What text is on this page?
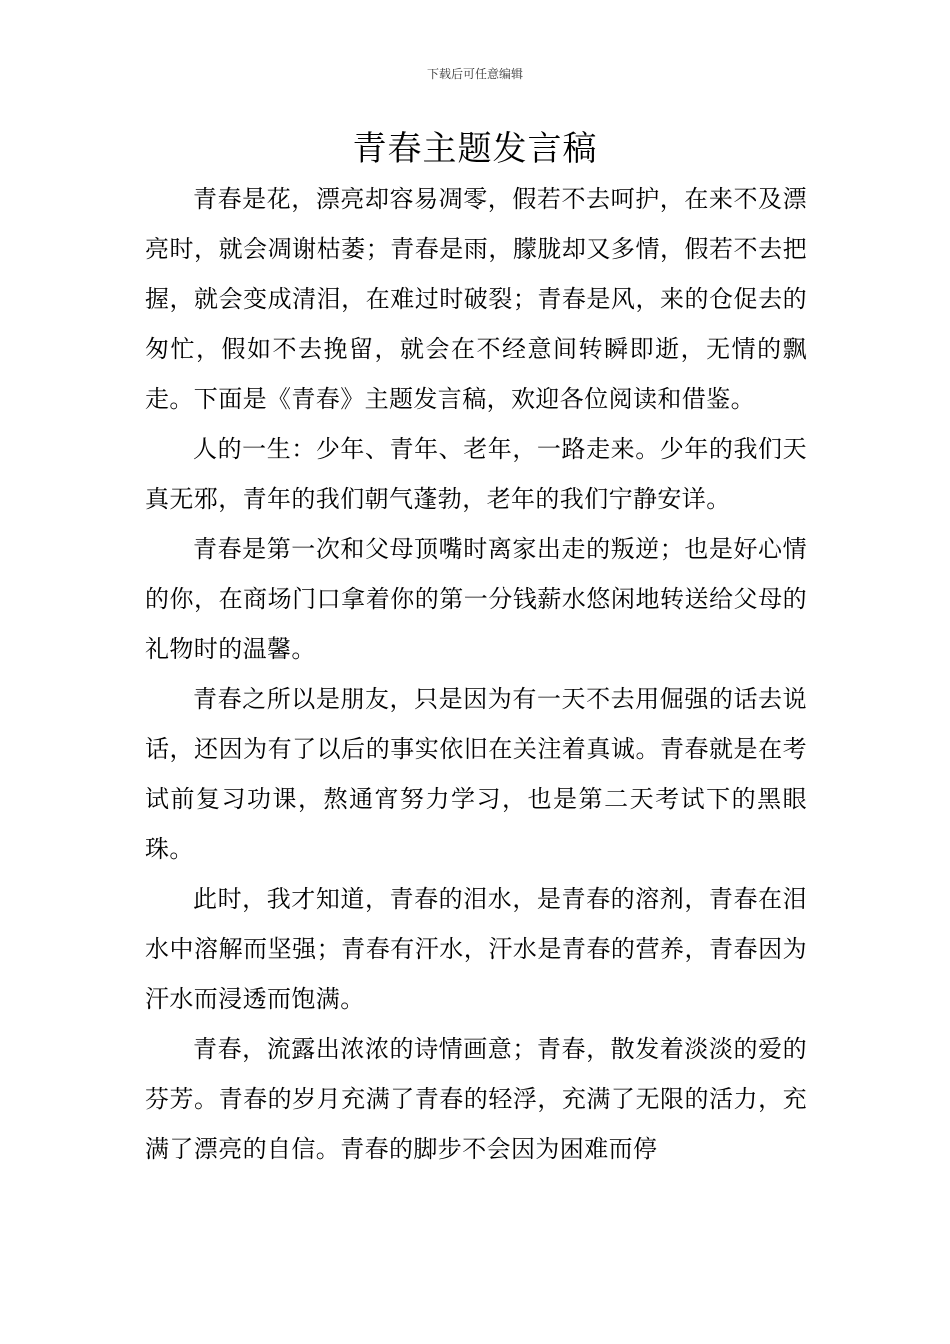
下载后可任意编辑
青春主题发言稿

青春是花，漂亮却容易凋零，假若不去呵护，在来不及漂亮时，就会凋谢枯萎；青春是雨，朦胧却又多情，假若不去把握，就会变成清泪，在难过时破裂；青春是风，来的仓促去的匆忙，假如不去挽留，就会在不经意间转瞬即逝，无情的飘走。下面是《青春》主题发言稿，欢迎各位阅读和借鉴。

人的一生：少年、青年、老年，一路走来。少年的我们天真无邪，青年的我们朝气蓬勃，老年的我们宁静安详。

青春是第一次和父母顶嘴时离家出走的叛逆；也是好心情的你，在商场门口拿着你的第一分钱薪水悠闲地转送给父母的礼物时的温馨。

青春之所以是朋友，只是因为有一天不去用倔强的话去说话，还因为有了以后的事实依旧在关注着真诚。青春就是在考试前复习功课，熬通宵努力学习，也是第二天考试下的黑眼珠。

此时，我才知道，青春的泪水，是青春的溶剂，青春在泪水中溶解而坚强；青春有汗水，汗水是青春的营养，青春因为汗水而浸透而饱满。

青春，流露出浓浓的诗情画意；青春，散发着淡淡的爱的芬芳。青春的岁月充满了青春的轻浮，充满了无限的活力，充满了漂亮的自信。青春的脚步不会因为困难而停
